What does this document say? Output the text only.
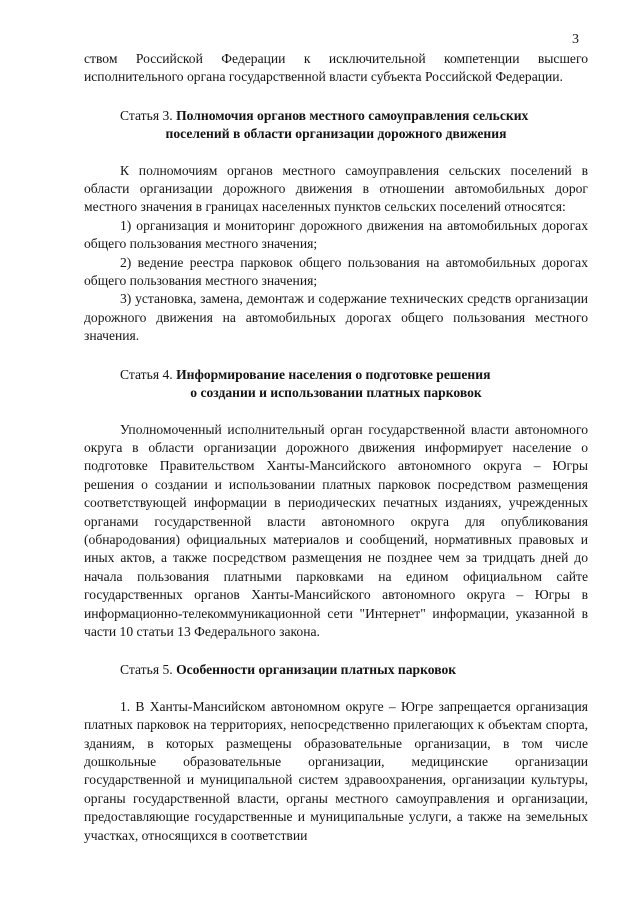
3

ством Российской Федерации к исключительной компетенции высшего исполнительного органа государственной власти субъекта Российской Федерации.

Статья 3. Полномочия органов местного самоуправления сельских
поселений в области организации дорожного движения

К полномочиям органов местного самоуправления сельских поселений в области организации дорожного движения в отношении автомобильных дорог местного значения в границах населенных пунктов сельских поселений относятся:

1) организация и мониторинг дорожного движения на автомобильных дорогах общего пользования местного значения;

2) ведение реестра парковок общего пользования на автомобильных дорогах общего пользования местного значения;

3) установка, замена, демонтаж и содержание технических средств организации дорожного движения на автомобильных дорогах общего пользования местного значения.

Статья 4. Информирование населения о подготовке решения
о создании и использовании платных парковок

Уполномоченный исполнительный орган государственной власти автономного округа в области организации дорожного движения информирует население о подготовке Правительством Ханты-Мансийского автономного округа – Югры решения о создании и использовании платных парковок посредством размещения соответствующей информации в периодических печатных изданиях, учрежденных органами государственной власти автономного округа для опубликования (обнародования) официальных материалов и сообщений, нормативных правовых и иных актов, а также посредством размещения не позднее чем за тридцать дней до начала пользования платными парковками на едином официальном сайте государственных органов Ханты-Мансийского автономного округа – Югры в информационно-телекоммуникационной сети "Интернет" информации, указанной в части 10 статьи 13 Федерального закона.

Статья 5. Особенности организации платных парковок

1. В Ханты-Мансийском автономном округе – Югре запрещается организация платных парковок на территориях, непосредственно прилегающих к объектам спорта, зданиям, в которых размещены образовательные организации, в том числе дошкольные образовательные организации, медицинские организации государственной и муниципальной систем здравоохранения, организации культуры, органы государственной власти, органы местного самоуправления и организации, предоставляющие государственные и муниципальные услуги, а также на земельных участках, относящихся в соответствии
